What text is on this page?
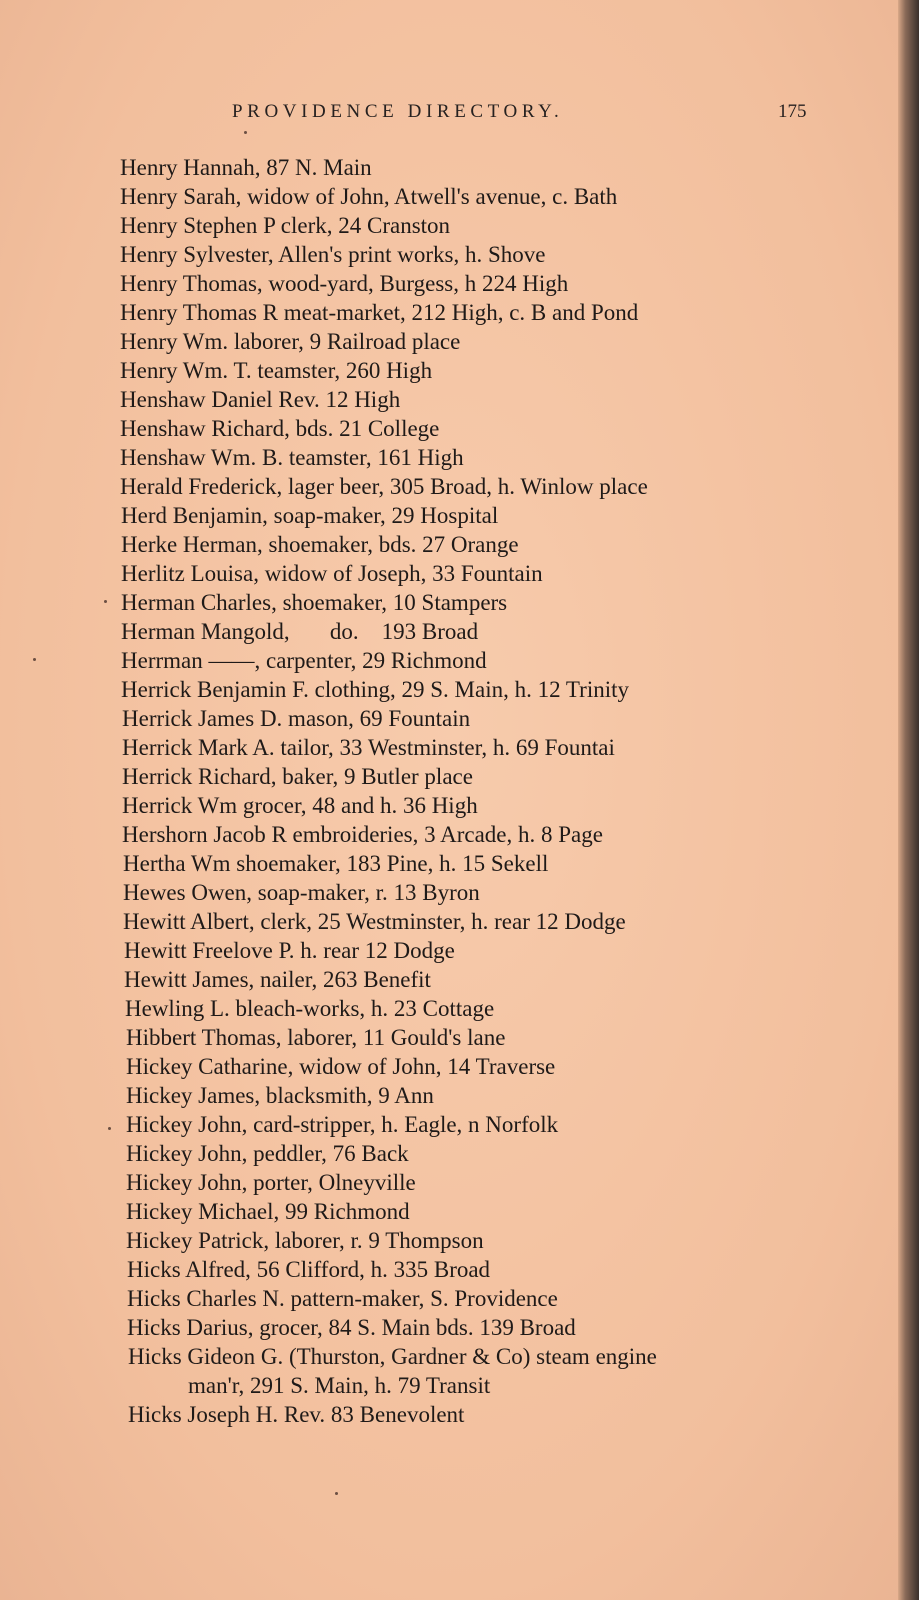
PROVIDENCE DIRECTORY.	175
Henry Hannah, 87 N. Main
Henry Sarah, widow of John, Atwell's avenue, c. Bath
Henry Stephen P clerk, 24 Cranston
Henry Sylvester, Allen's print works, h. Shove
Henry Thomas, wood-yard, Burgess, h 224 High
Henry Thomas R meat-market, 212 High, c. B and Pond
Henry Wm. laborer, 9 Railroad place
Henry Wm. T. teamster, 260 High
Henshaw Daniel Rev. 12 High
Henshaw Richard, bds. 21 College
Henshaw Wm. B. teamster, 161 High
Herald Frederick, lager beer, 305 Broad, h. Winlow place
Herd Benjamin, soap-maker, 29 Hospital
Herke Herman, shoemaker, bds. 27 Orange
Herlitz Louisa, widow of Joseph, 33 Fountain
Herman Charles, shoemaker, 10 Stampers
Herman Mangold,       do.    193 Broad
Herrman ——, carpenter, 29 Richmond
Herrick Benjamin F. clothing, 29 S. Main, h. 12 Trinity
Herrick James D. mason, 69 Fountain
Herrick Mark A. tailor, 33 Westminster, h. 69 Fountai
Herrick Richard, baker, 9 Butler place
Herrick Wm grocer, 48 and h. 36 High
Hershorn Jacob R embroideries, 3 Arcade, h. 8 Page
Hertha Wm shoemaker, 183 Pine, h. 15 Sekell
Hewes Owen, soap-maker, r. 13 Byron
Hewitt Albert, clerk, 25 Westminster, h. rear 12 Dodge
Hewitt Freelove P. h. rear 12 Dodge
Hewitt James, nailer, 263 Benefit
Hewling L. bleach-works, h. 23 Cottage
Hibbert Thomas, laborer, 11 Gould's lane
Hickey Catharine, widow of John, 14 Traverse
Hickey James, blacksmith, 9 Ann
Hickey John, card-stripper, h. Eagle, n Norfolk
Hickey John, peddler, 76 Back
Hickey John, porter, Olneyville
Hickey Michael, 99 Richmond
Hickey Patrick, laborer, r. 9 Thompson
Hicks Alfred, 56 Clifford, h. 335 Broad
Hicks Charles N. pattern-maker, S. Providence
Hicks Darius, grocer, 84 S. Main bds. 139 Broad
Hicks Gideon G. (Thurston, Gardner & Co) steam engine
man'r, 291 S. Main, h. 79 Transit
Hicks Joseph H. Rev. 83 Benevolent
